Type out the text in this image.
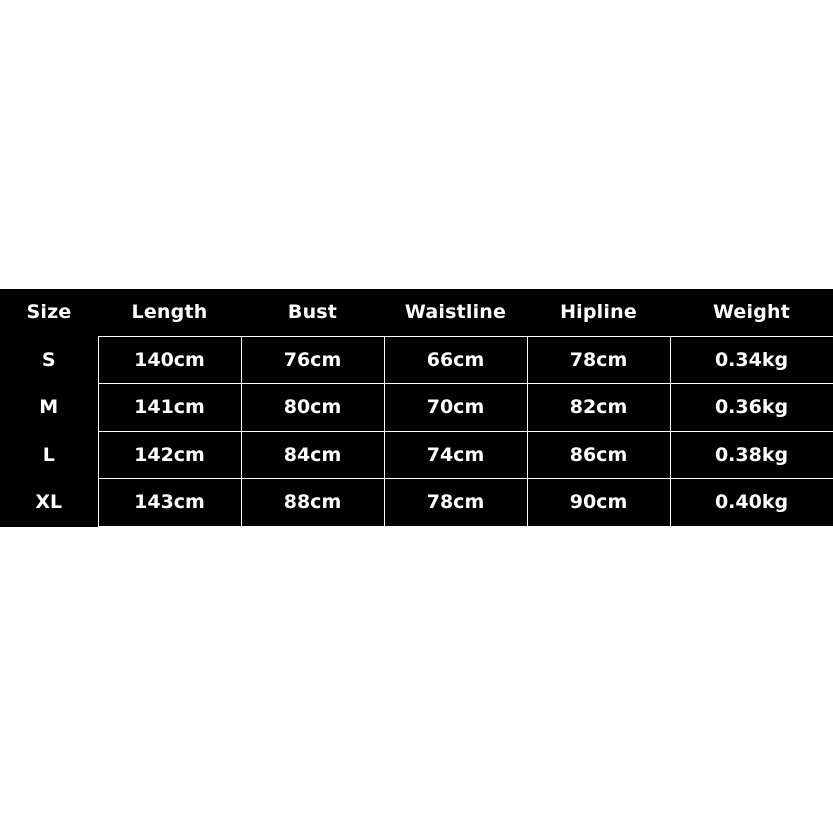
Size	Length	Bust	Waistline	Hipline	Weight
S	140cm	76cm	66cm	78cm	0.34kg
M	141cm	80cm	70cm	82cm	0.36kg
L	142cm	84cm	74cm	86cm	0.38kg
XL	143cm	88cm	78cm	90cm	0.40kg
